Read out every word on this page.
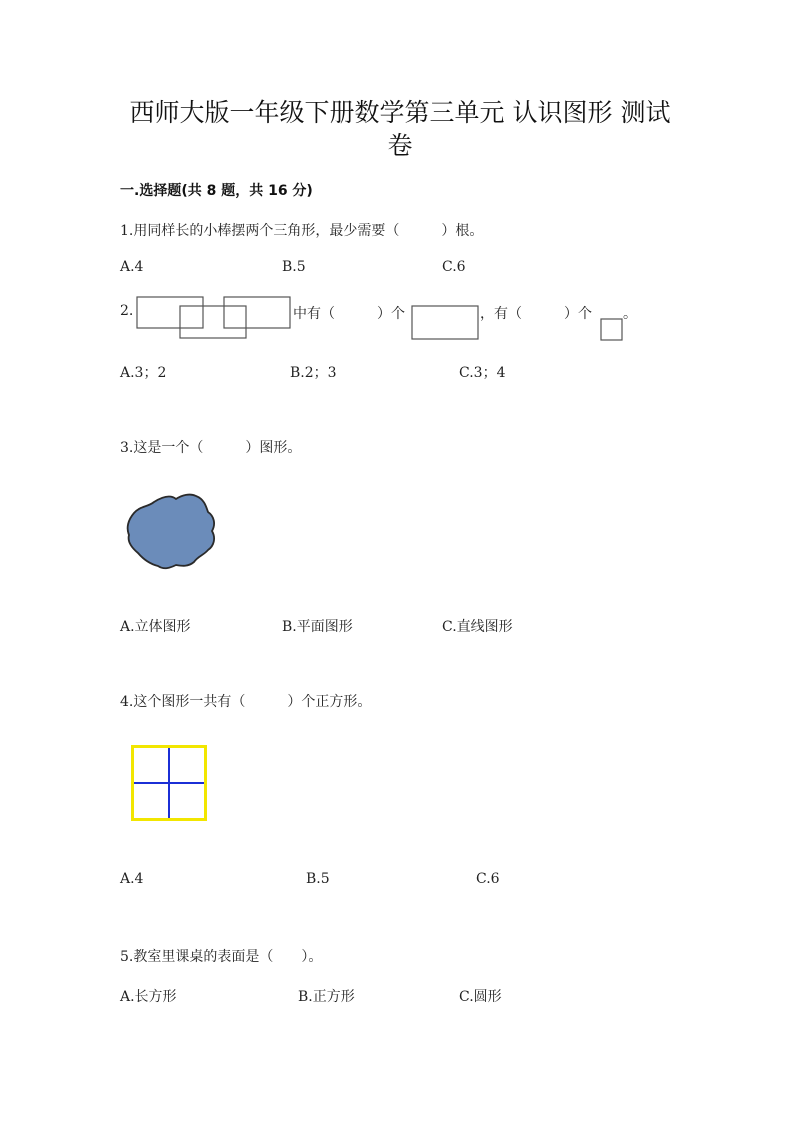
西师大版一年级下册数学第三单元 认识图形 测试
卷
一.选择题(共 8 题，共 16 分)
1.用同样长的小棒摆两个三角形，最少需要（　　　）根。
A.4	B.5	C.6
2.	中有（　　　）个	，有（　　　）个 。
A.3；2	B.2；3	C.3；4
3.这是一个（　　　）图形。
A.立体图形	B.平面图形	C.直线图形
4.这个图形一共有（　　　）个正方形。
A.4	B.5	C.6
5.教室里课桌的表面是（　　）。
A.长方形	B.正方形	C.圆形
